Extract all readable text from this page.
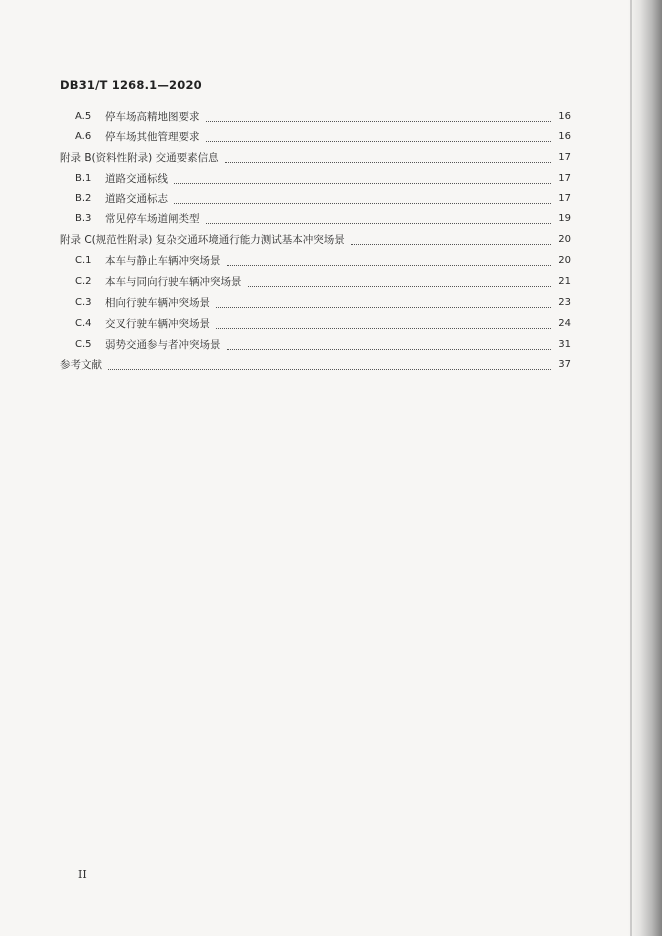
DB31/T 1268.1—2020
A.5	停车场高精地图要求	16
A.6	停车场其他管理要求	16
附录 B(资料性附录) 交通要素信息	17
B.1	道路交通标线	17
B.2	道路交通标志	17
B.3	常见停车场道闸类型	19
附录 C(规范性附录) 复杂交通环境通行能力测试基本冲突场景	20
C.1	本车与静止车辆冲突场景	20
C.2	本车与同向行驶车辆冲突场景	21
C.3	相向行驶车辆冲突场景	23
C.4	交叉行驶车辆冲突场景	24
C.5	弱势交通参与者冲突场景	31
参考文献	37
II
